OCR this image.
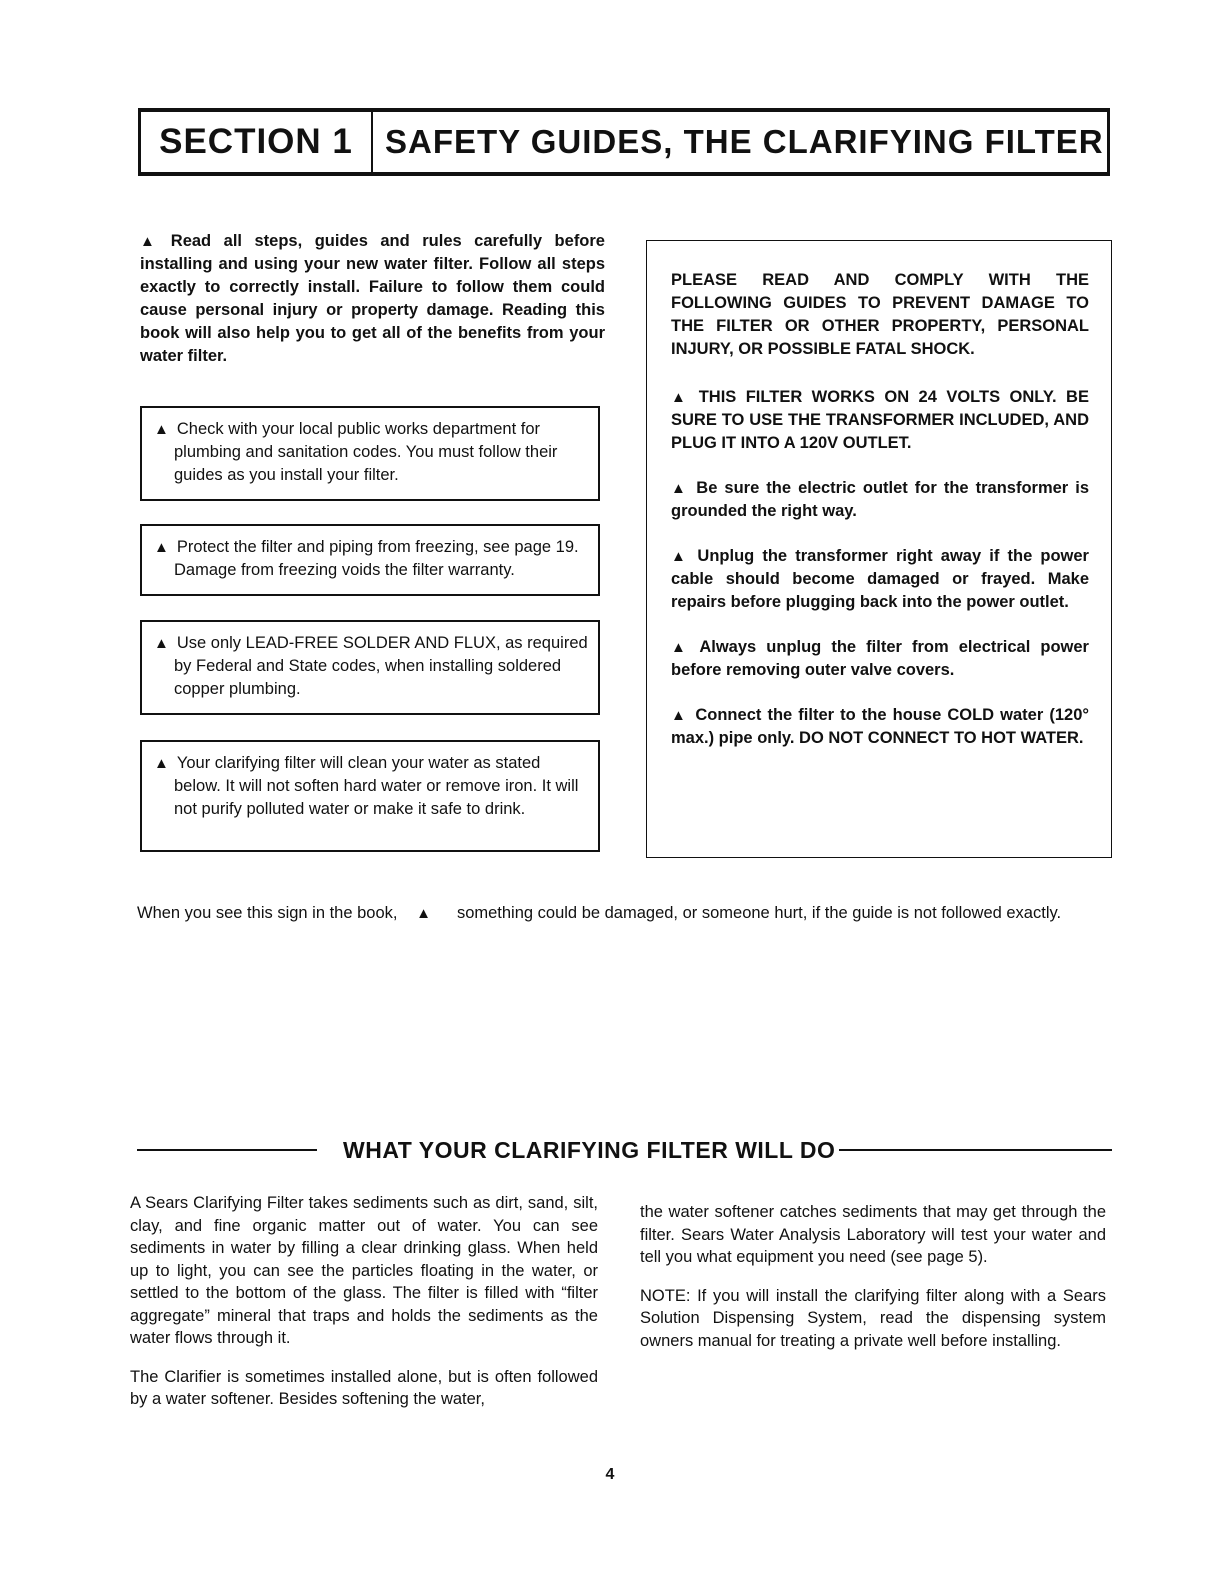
SECTION 1 SAFETY GUIDES, THE CLARIFYING FILTER
▲ Read all steps, guides and rules carefully before installing and using your new water filter. Follow all steps exactly to correctly install. Failure to follow them could cause personal injury or property damage. Reading this book will also help you to get all of the benefits from your water filter.
▲ Check with your local public works department for plumbing and sanitation codes. You must follow their guides as you install your filter.
▲ Protect the filter and piping from freezing, see page 19. Damage from freezing voids the filter warranty.
▲ Use only LEAD-FREE SOLDER AND FLUX, as required by Federal and State codes, when installing soldered copper plumbing.
▲ Your clarifying filter will clean your water as stated below. It will not soften hard water or remove iron. It will not purify polluted water or make it safe to drink.

PLEASE READ AND COMPLY WITH THE FOLLOWING GUIDES TO PREVENT DAMAGE TO THE FILTER OR OTHER PROPERTY, PERSONAL INJURY, OR POSSIBLE FATAL SHOCK.

▲ THIS FILTER WORKS ON 24 VOLTS ONLY. BE SURE TO USE THE TRANSFORMER INCLUDED, AND PLUG IT INTO A 120V OUTLET.

▲ Be sure the electric outlet for the transformer is grounded the right way.

▲ Unplug the transformer right away if the power cable should become damaged or frayed. Make repairs before plugging back into the power outlet.

▲ Always unplug the filter from electrical power before removing outer valve covers.

▲ Connect the filter to the house COLD water (120° max.) pipe only. DO NOT CONNECT TO HOT WATER.

When you see this sign in the book, ▲ something could be damaged, or someone hurt, if the guide is not followed exactly.
WHAT YOUR CLARIFYING FILTER WILL DO

A Sears Clarifying Filter takes sediments such as dirt, sand, silt, clay, and fine organic matter out of water. You can see sediments in water by filling a clear drinking glass. When held up to light, you can see the particles floating in the water, or settled to the bottom of the glass. The filter is filled with “filter aggregate” mineral that traps and holds the sediments as the water flows through it.

The Clarifier is sometimes installed alone, but is often followed by a water softener. Besides softening the water,

the water softener catches sediments that may get through the filter. Sears Water Analysis Laboratory will test your water and tell you what equipment you need (see page 5).

NOTE: If you will install the clarifying filter along with a Sears Solution Dispensing System, read the dispensing system owners manual for treating a private well before installing.

4
